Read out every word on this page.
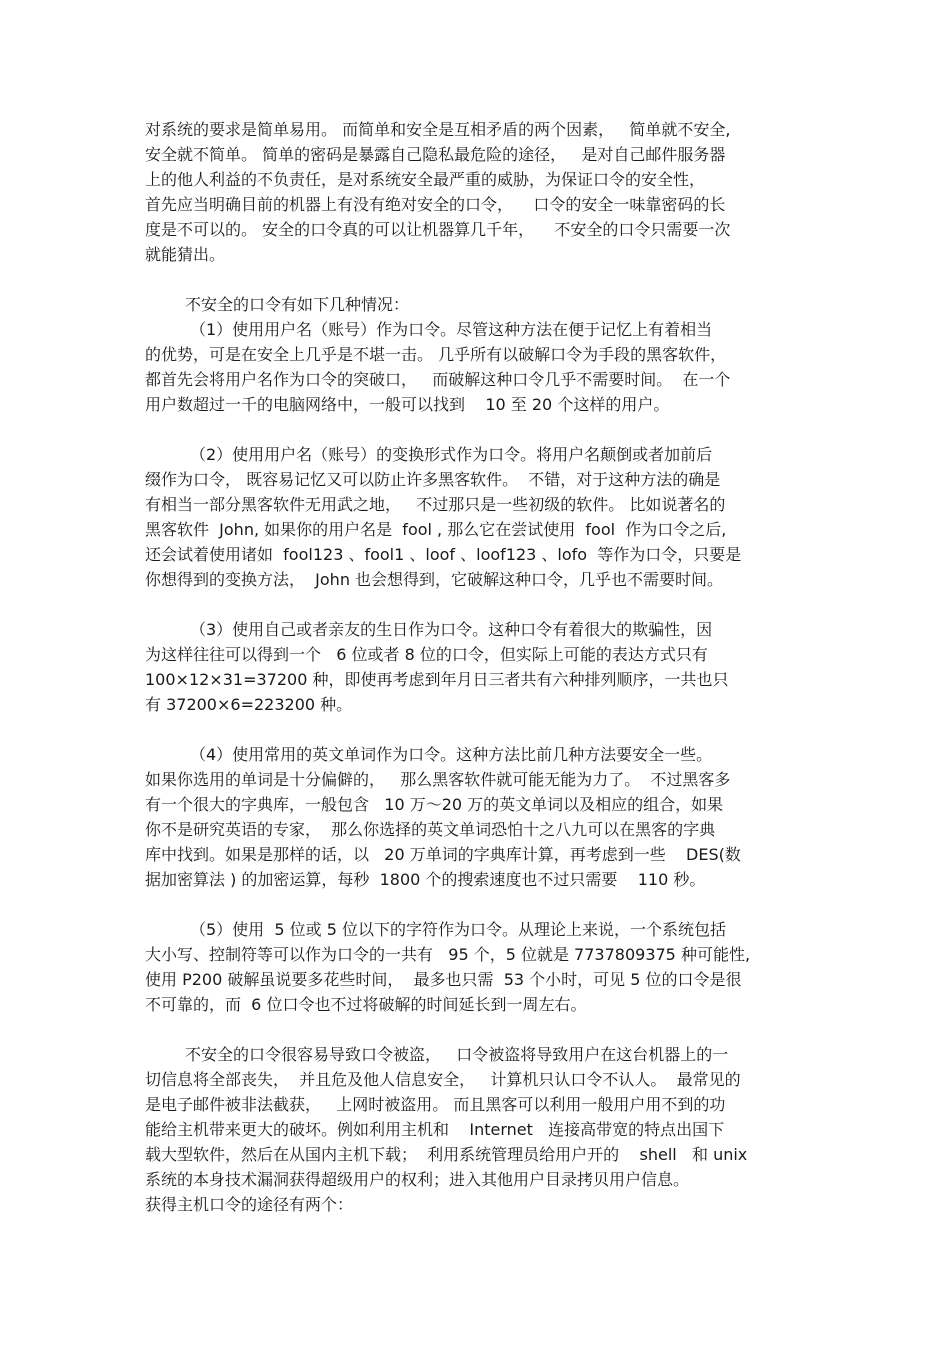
对系统的要求是简单易用。 而简单和安全是互相矛盾的两个因素，   简单就不安全,
安全就不简单。 简单的密码是暴露自己隐私最危险的途径，   是对自己邮件服务器
上的他人利益的不负责任，是对系统安全最严重的威胁，为保证口令的安全性，
首先应当明确目前的机器上有没有绝对安全的口令，    口令的安全一味靠密码的长
度是不可以的。 安全的口令真的可以让机器算几千年，    不安全的口令只需要一次
就能猜出。
不安全的口令有如下几种情况：
（1）使用用户名（账号）作为口令。尽管这种方法在便于记忆上有着相当
的优势，可是在安全上几乎是不堪一击。 几乎所有以破解口令为手段的黑客软件，
都首先会将用户名作为口令的突破口，   而破解这种口令几乎不需要时间。  在一个
用户数超过一千的电脑网络中，一般可以找到    10 至 20 个这样的用户。
（2）使用用户名（账号）的变换形式作为口令。将用户名颠倒或者加前后
缀作为口令， 既容易记忆又可以防止许多黑客软件。  不错，对于这种方法的确是
有相当一部分黑客软件无用武之地，   不过那只是一些初级的软件。 比如说著名的
黑客软件  John, 如果你的用户名是  fool , 那么它在尝试使用  fool  作为口令之后,
还会试着使用诸如  fool123 、fool1 、loof 、loof123 、lofo  等作为口令，只要是
你想得到的变换方法，  John 也会想得到，它破解这种口令，几乎也不需要时间。
（3）使用自己或者亲友的生日作为口令。这种口令有着很大的欺骗性，因
为这样往往可以得到一个   6 位或者 8 位的口令，但实际上可能的表达方式只有
100×12×31=37200 种，即使再考虑到年月日三者共有六种排列顺序，一共也只
有 37200×6=223200 种。
（4）使用常用的英文单词作为口令。这种方法比前几种方法要安全一些。
如果你选用的单词是十分偏僻的，   那么黑客软件就可能无能为力了。  不过黑客多
有一个很大的字典库，一般包含   10 万～20 万的英文单词以及相应的组合，如果
你不是研究英语的专家，  那么你选择的英文单词恐怕十之八九可以在黑客的字典
库中找到。如果是那样的话，以   20 万单词的字典库计算，再考虑到一些    DES(数
据加密算法 ) 的加密运算，每秒  1800 个的搜索速度也不过只需要    110 秒。
（5）使用  5 位或 5 位以下的字符作为口令。从理论上来说，一个系统包括
大小写、控制符等可以作为口令的一共有   95 个，5 位就是 7737809375 种可能性,
使用 P200 破解虽说要多花些时间，  最多也只需  53 个小时，可见 5 位的口令是很
不可靠的，而  6 位口令也不过将破解的时间延长到一周左右。
不安全的口令很容易导致口令被盗，   口令被盗将导致用户在这台机器上的一
切信息将全部丧失，  并且危及他人信息安全，   计算机只认口令不认人。  最常见的
是电子邮件被非法截获，   上网时被盗用。 而且黑客可以利用一般用户用不到的功
能给主机带来更大的破坏。例如利用主机和    Internet   连接高带宽的特点出国下
载大型软件，然后在从国内主机下载；  利用系统管理员给用户开的    shell   和 unix
系统的本身技术漏洞获得超级用户的权利；进入其他用户目录拷贝用户信息。
获得主机口令的途径有两个：
